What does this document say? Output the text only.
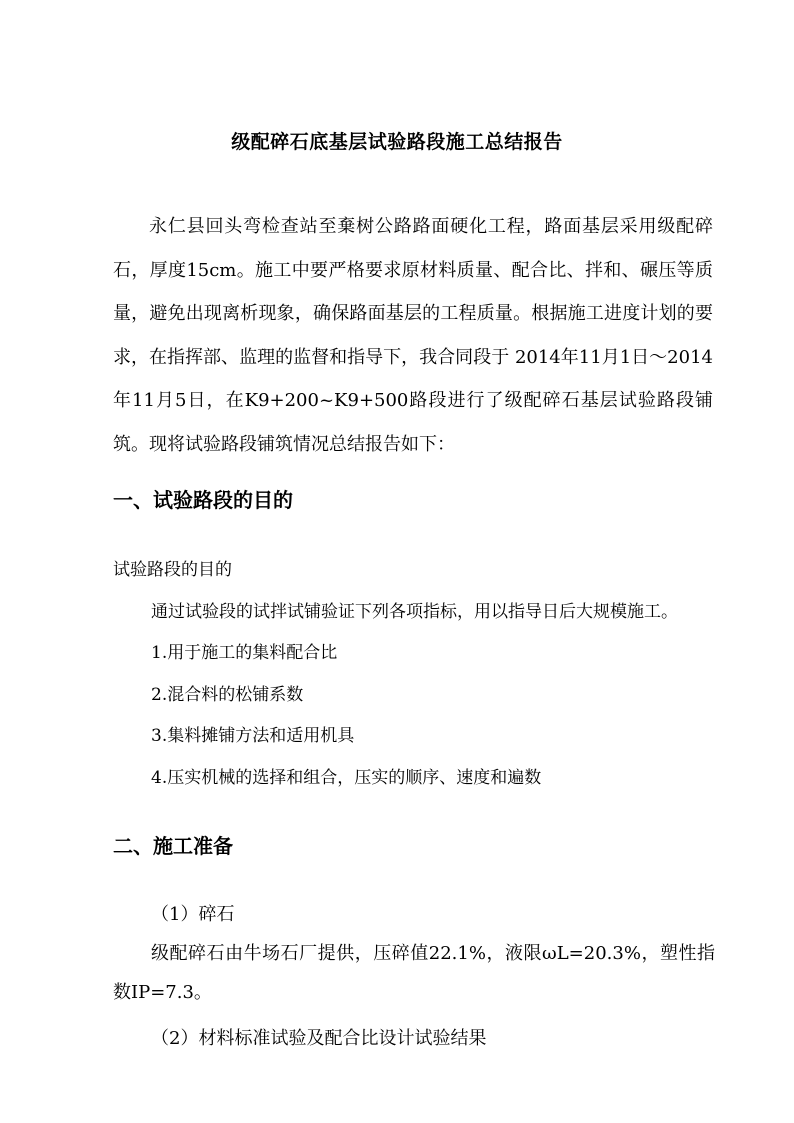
级配碎石底基层试验路段施工总结报告

永仁县回头弯检查站至棄树公路路面硬化工程，路面基层采用级配碎石，厚度15cm。施工中要严格要求原材料质量、配合比、拌和、碾压等质量，避免出现离析现象，确保路面基层的工程质量。根据施工进度计划的要求，在指挥部、监理的监督和指导下，我合同段于 2014年11月1日～2014年11月5日，在K9+200~K9+500路段进行了级配碎石基层试验路段铺筑。现将试验路段铺筑情况总结报告如下：

一、试验路段的目的

试验路段的目的

通过试验段的试拌试铺验证下列各项指标，用以指导日后大规模施工。

1.用于施工的集料配合比

2.混合料的松铺系数

3.集料摊铺方法和适用机具

4.压实机械的选择和组合，压实的顺序、速度和遍数

二、施工准备

（1）碎石

级配碎石由牛场石厂提供，压碎值22.1%，液限ωL=20.3%，塑性指数IP=7.3。

（2）材料标准试验及配合比设计试验结果
